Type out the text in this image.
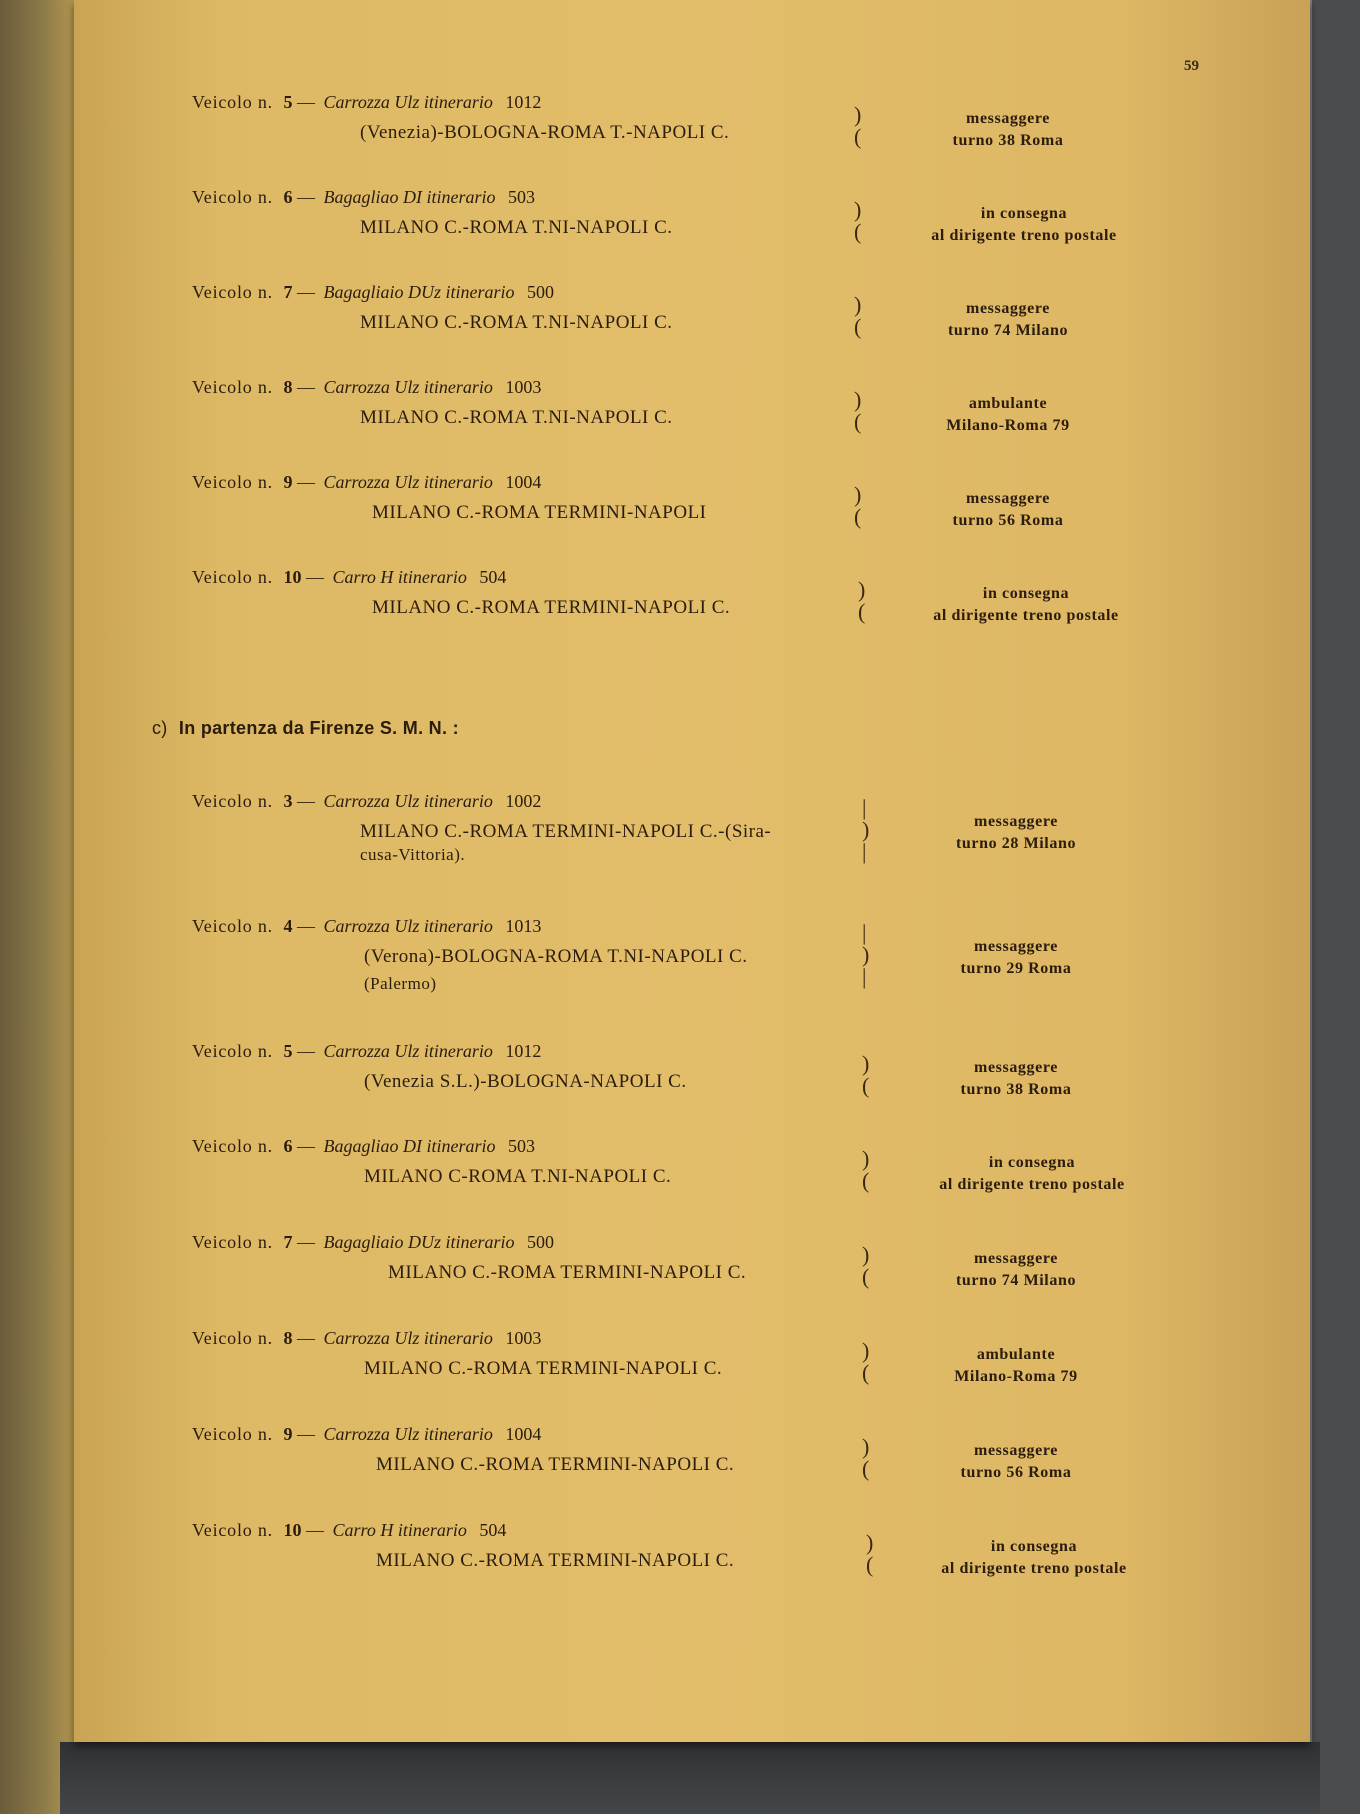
59
Veicolo n. 5 — Carrozza Ulz itinerario 1012
(Venezia)-BOLOGNA-ROMA T.-NAPOLI C.
)
(
messaggere
turno 38 Roma
Veicolo n. 6 — Bagagliao DI itinerario 503
MILANO C.-ROMA T.NI-NAPOLI C.
)
(
in consegna
al dirigente treno postale
Veicolo n. 7 — Bagagliaio DUz itinerario 500
MILANO C.-ROMA T.NI-NAPOLI C.
)
(
messaggere
turno 74 Milano
Veicolo n. 8 — Carrozza Ulz itinerario 1003
MILANO C.-ROMA T.NI-NAPOLI C.
)
(
ambulante
Milano-Roma 79
Veicolo n. 9 — Carrozza Ulz itinerario 1004
MILANO C.-ROMA TERMINI-NAPOLI
)
(
messaggere
turno 56 Roma
Veicolo n. 10 — Carro H itinerario 504
MILANO C.-ROMA TERMINI-NAPOLI C.
)
(
in consegna
al dirigente treno postale
c) In partenza da Firenze S. M. N. :
Veicolo n. 3 — Carrozza Ulz itinerario 1002
MILANO C.-ROMA TERMINI-NAPOLI C.-(Sira-
cusa-Vittoria).
|
)
|
messaggere
turno 28 Milano
Veicolo n. 4 — Carrozza Ulz itinerario 1013
(Verona)-BOLOGNA-ROMA T.NI-NAPOLI C.
(Palermo)
|
)
|
messaggere
turno 29 Roma
Veicolo n. 5 — Carrozza Ulz itinerario 1012
(Venezia S.L.)-BOLOGNA-NAPOLI C.
)
(
messaggere
turno 38 Roma
Veicolo n. 6 — Bagagliao DI itinerario 503
MILANO C-ROMA T.NI-NAPOLI C.
)
(
in consegna
al dirigente treno postale
Veicolo n. 7 — Bagagliaio DUz itinerario 500
MILANO C.-ROMA TERMINI-NAPOLI C.
)
(
messaggere
turno 74 Milano
Veicolo n. 8 — Carrozza Ulz itinerario 1003
MILANO C.-ROMA TERMINI-NAPOLI C.
)
(
ambulante
Milano-Roma 79
Veicolo n. 9 — Carrozza Ulz itinerario 1004
MILANO C.-ROMA TERMINI-NAPOLI C.
)
(
messaggere
turno 56 Roma
Veicolo n. 10 — Carro H itinerario 504
MILANO C.-ROMA TERMINI-NAPOLI C.
)
(
in consegna
al dirigente treno postale
